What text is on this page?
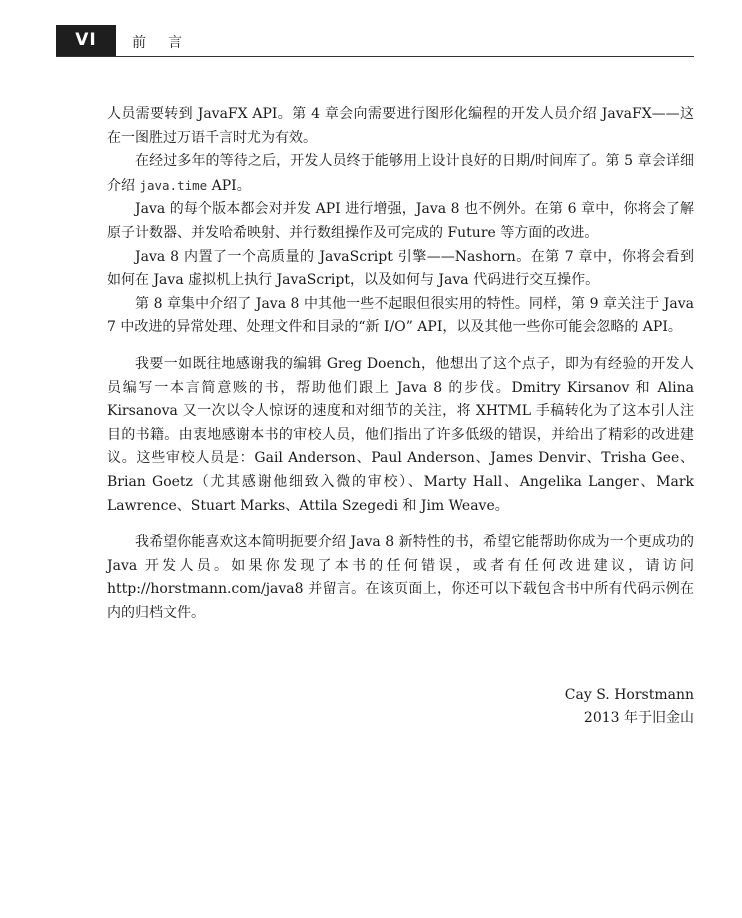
VI	前言

人员需要转到 JavaFX API。第 4 章会向需要进行图形化编程的开发人员介绍 JavaFX——这在一图胜过万语千言时尤为有效。

在经过多年的等待之后，开发人员终于能够用上设计良好的日期/时间库了。第 5 章会详细介绍 java.time API。

Java 的每个版本都会对并发 API 进行增强，Java 8 也不例外。在第 6 章中，你将会了解原子计数器、并发哈希映射、并行数组操作及可完成的 Future 等方面的改进。

Java 8 内置了一个高质量的 JavaScript 引擎——Nashorn。在第 7 章中，你将会看到如何在 Java 虚拟机上执行 JavaScript，以及如何与 Java 代码进行交互操作。

第 8 章集中介绍了 Java 8 中其他一些不起眼但很实用的特性。同样，第 9 章关注于 Java 7 中改进的异常处理、处理文件和目录的“新 I/O” API，以及其他一些你可能会忽略的 API。

我要一如既往地感谢我的编辑 Greg Doench，他想出了这个点子，即为有经验的开发人员编写一本言简意赅的书，帮助他们跟上 Java 8 的步伐。Dmitry Kirsanov 和 Alina Kirsanova 又一次以令人惊讶的速度和对细节的关注，将 XHTML 手稿转化为了这本引人注目的书籍。由衷地感谢本书的审校人员，他们指出了许多低级的错误，并给出了精彩的改进建议。这些审校人员是：Gail Anderson、Paul Anderson、James Denvir、Trisha Gee、Brian Goetz（尤其感谢他细致入微的审校）、Marty Hall、Angelika Langer、Mark Lawrence、Stuart Marks、Attila Szegedi 和 Jim Weave。

我希望你能喜欢这本简明扼要介绍 Java 8 新特性的书，希望它能帮助你成为一个更成功的 Java 开发人员。如果你发现了本书的任何错误，或者有任何改进建议，请访问 http://horstmann.com/java8 并留言。在该页面上，你还可以下载包含书中所有代码示例在内的归档文件。

Cay S. Horstmann
2013 年于旧金山
